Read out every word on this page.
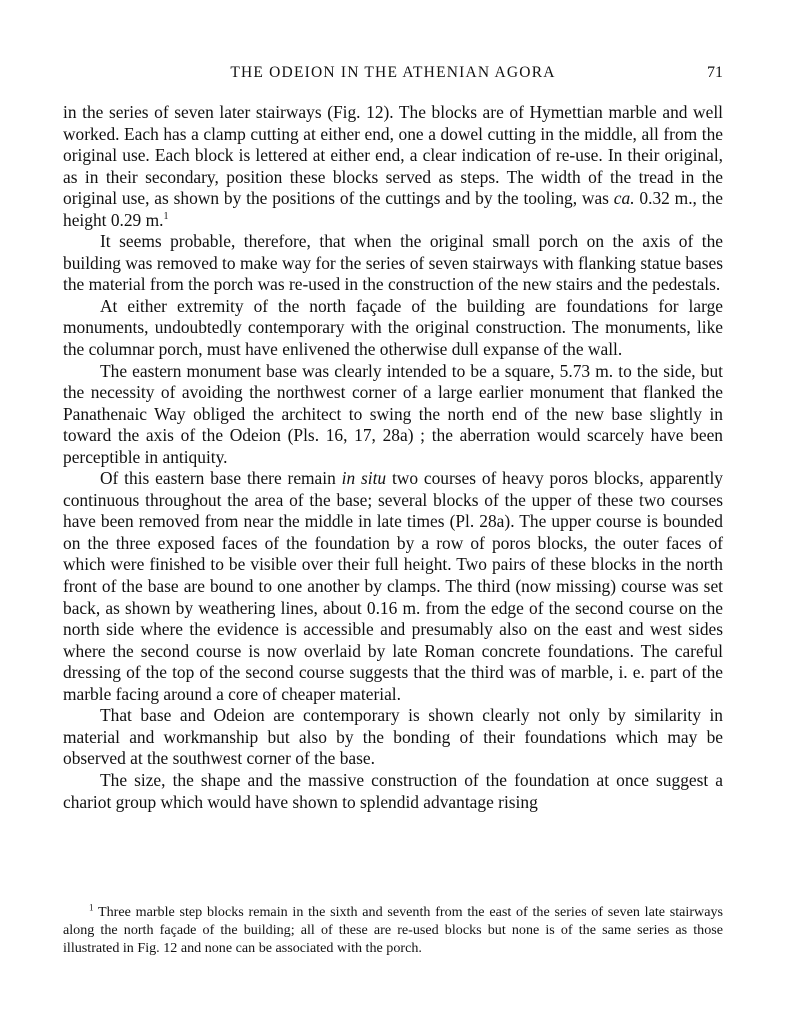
THE ODEION IN THE ATHENIAN AGORA	71

in the series of seven later stairways (Fig. 12). The blocks are of Hymettian marble and well worked. Each has a clamp cutting at either end, one a dowel cutting in the middle, all from the original use. Each block is lettered at either end, a clear indication of re-use. In their original, as in their secondary, position these blocks served as steps. The width of the tread in the original use, as shown by the positions of the cuttings and by the tooling, was ca. 0.32 m., the height 0.29 m.$^1$

It seems probable, therefore, that when the original small porch on the axis of the building was removed to make way for the series of seven stairways with flanking statue bases the material from the porch was re-used in the construction of the new stairs and the pedestals.

At either extremity of the north façade of the building are foundations for large monuments, undoubtedly contemporary with the original construction. The monuments, like the columnar porch, must have enlivened the otherwise dull expanse of the wall.

The eastern monument base was clearly intended to be a square, 5.73 m. to the side, but the necessity of avoiding the northwest corner of a large earlier monument that flanked the Panathenaic Way obliged the architect to swing the north end of the new base slightly in toward the axis of the Odeion (Pls. 16, 17, 28a) ; the aberration would scarcely have been perceptible in antiquity.

Of this eastern base there remain in situ two courses of heavy poros blocks, apparently continuous throughout the area of the base; several blocks of the upper of these two courses have been removed from near the middle in late times (Pl. 28a). The upper course is bounded on the three exposed faces of the foundation by a row of poros blocks, the outer faces of which were finished to be visible over their full height. Two pairs of these blocks in the north front of the base are bound to one another by clamps. The third (now missing) course was set back, as shown by weathering lines, about 0.16 m. from the edge of the second course on the north side where the evidence is accessible and presumably also on the east and west sides where the second course is now overlaid by late Roman concrete foundations. The careful dressing of the top of the second course suggests that the third was of marble, i. e. part of the marble facing around a core of cheaper material.

That base and Odeion are contemporary is shown clearly not only by similarity in material and workmanship but also by the bonding of their foundations which may be observed at the southwest corner of the base.

The size, the shape and the massive construction of the foundation at once suggest a chariot group which would have shown to splendid advantage rising

$^1$ Three marble step blocks remain in the sixth and seventh from the east of the series of seven late stairways along the north façade of the building; all of these are re-used blocks but none is of the same series as those illustrated in Fig. 12 and none can be associated with the porch.
